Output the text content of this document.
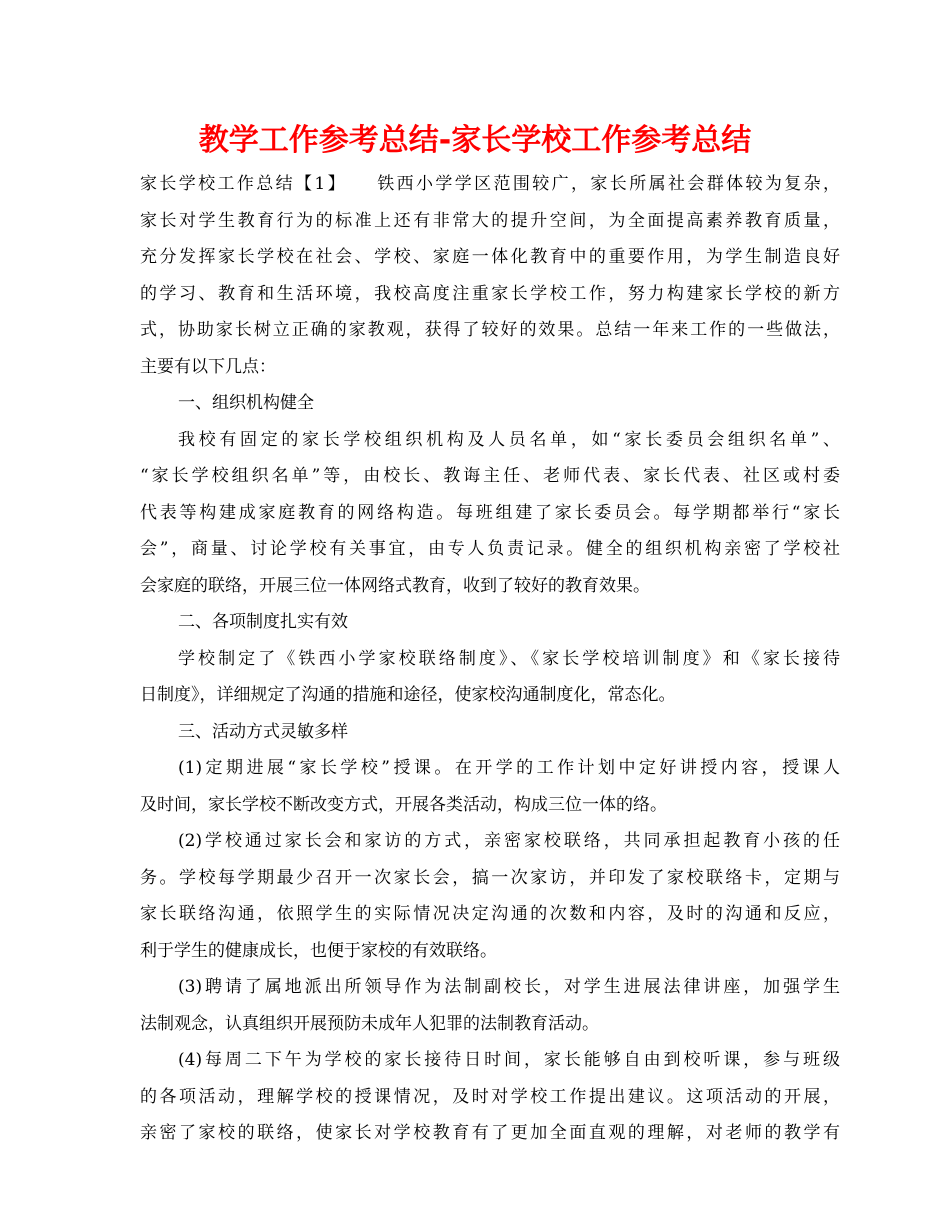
教学工作参考总结-家长学校工作参考总结
家长学校工作总结【1】　　铁西小学学区范围较广，家长所属社会群体较为复杂，
家长对学生教育行为的标准上还有非常大的提升空间，为全面提高素养教育质量，
充分发挥家长学校在社会、学校、家庭一体化教育中的重要作用，为学生制造良好
的学习、教育和生活环境，我校高度注重家长学校工作，努力构建家长学校的新方
式，协助家长树立正确的家教观，获得了较好的效果。总结一年来工作的一些做法，
主要有以下几点：
一、组织机构健全
我校有固定的家长学校组织机构及人员名单，如“家长委员会组织名单”、
“家长学校组织名单”等，由校长、教诲主任、老师代表、家长代表、社区或村委
代表等构建成家庭教育的网络构造。每班组建了家长委员会。每学期都举行“家长
会”，商量、讨论学校有关事宜，由专人负责记录。健全的组织机构亲密了学校社
会家庭的联络，开展三位一体网络式教育，收到了较好的教育效果。
二、各项制度扎实有效
学校制定了《铁西小学家校联络制度》、《家长学校培训制度》和《家长接待
日制度》，详细规定了沟通的措施和途径，使家校沟通制度化，常态化。
三、活动方式灵敏多样
(1)定期进展“家长学校”授课。在开学的工作计划中定好讲授内容，授课人
及时间，家长学校不断改变方式，开展各类活动，构成三位一体的络。
(2)学校通过家长会和家访的方式，亲密家校联络，共同承担起教育小孩的任
务。学校每学期最少召开一次家长会，搞一次家访，并印发了家校联络卡，定期与
家长联络沟通，依照学生的实际情况决定沟通的次数和内容，及时的沟通和反应，
利于学生的健康成长，也便于家校的有效联络。
(3)聘请了属地派出所领导作为法制副校长，对学生进展法律讲座，加强学生
法制观念，认真组织开展预防未成年人犯罪的法制教育活动。
(4)每周二下午为学校的家长接待日时间，家长能够自由到校听课，参与班级
的各项活动，理解学校的授课情况，及时对学校工作提出建议。这项活动的开展，
亲密了家校的联络，使家长对学校教育有了更加全面直观的理解，对老师的教学有
